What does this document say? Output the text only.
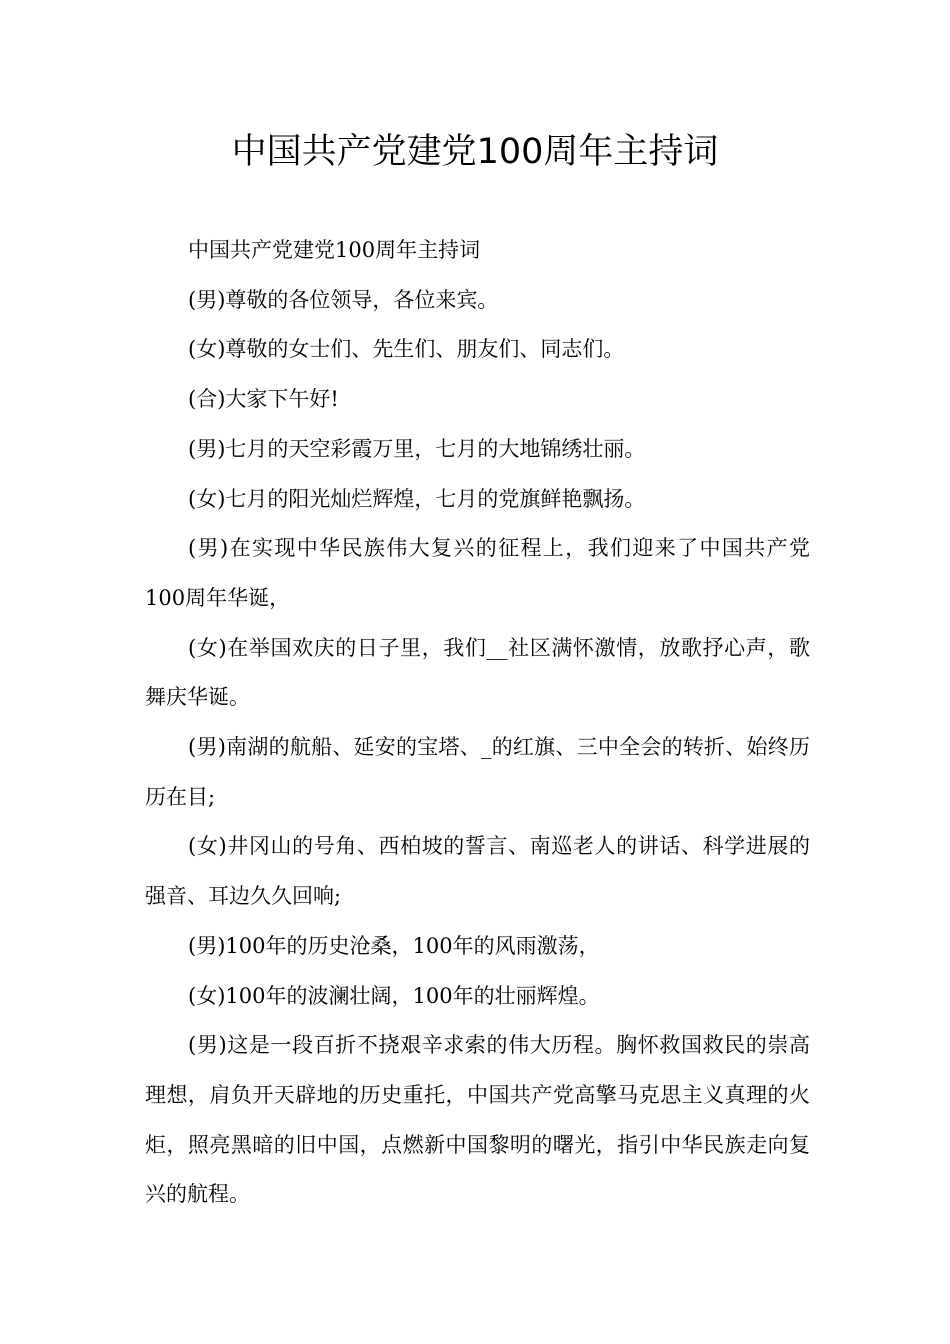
中国共产党建党100周年主持词

中国共产党建党100周年主持词

(男)尊敬的各位领导，各位来宾。

(女)尊敬的女士们、先生们、朋友们、同志们。

(合)大家下午好!

(男)七月的天空彩霞万里，七月的大地锦绣壮丽。

(女)七月的阳光灿烂辉煌，七月的党旗鲜艳飘扬。

(男)在实现中华民族伟大复兴的征程上，我们迎来了中国共产党100周年华诞，

(女)在举国欢庆的日子里，我们__社区满怀激情，放歌抒心声，歌舞庆华诞。

(男)南湖的航船、延安的宝塔、_的红旗、三中全会的转折、始终历历在目;

(女)井冈山的号角、西柏坡的誓言、南巡老人的讲话、科学进展的强音、耳边久久回响;

(男)100年的历史沧桑，100年的风雨激荡，

(女)100年的波澜壮阔，100年的壮丽辉煌。

(男)这是一段百折不挠艰辛求索的伟大历程。胸怀救国救民的崇高理想，肩负开天辟地的历史重托，中国共产党高擎马克思主义真理的火炬，照亮黑暗的旧中国，点燃新中国黎明的曙光，指引中华民族走向复兴的航程。
